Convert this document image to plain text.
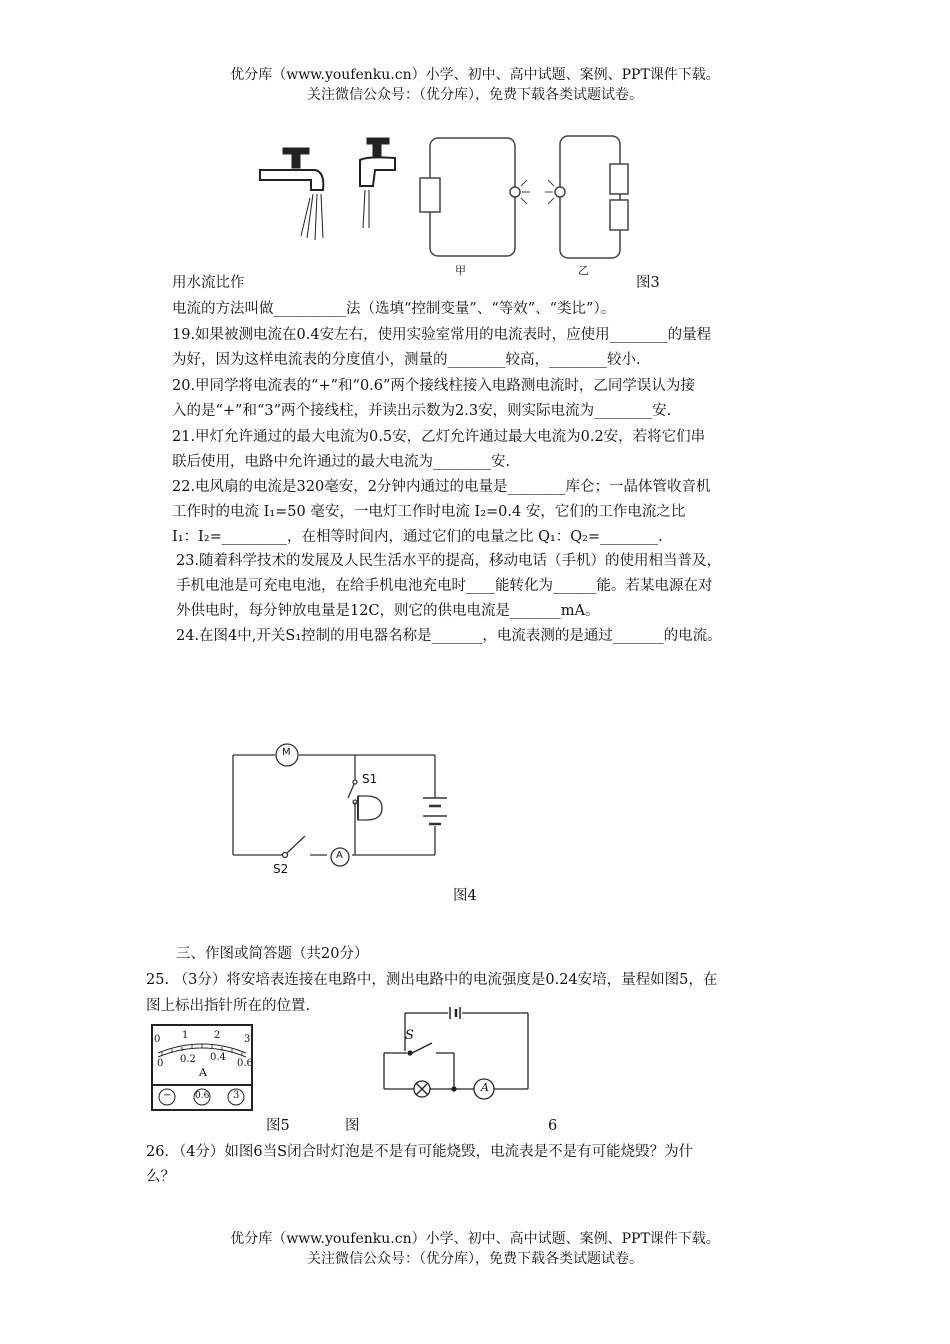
优分库（www.youfenku.cn）小学、初中、高中试题、案例、PPT课件下载。
关注微信公众号：（优分库），免费下载各类试题试卷。
甲	乙
用水流比作	图3
电流的方法叫做__________法（选填“控制变量”、“等效”、“类比”）。
19.如果被测电流在0.4安左右，使用实验室常用的电流表时，应使用________的量程
为好，因为这样电流表的分度值小，测量的________较高，________较小.
20.甲同学将电流表的“+”和“0.6”两个接线柱接入电路测电流时，乙同学误认为接
入的是“+”和“3”两个接线柱，并读出示数为2.3安，则实际电流为________安.
21.甲灯允许通过的最大电流为0.5安，乙灯允许通过最大电流为0.2安，若将它们串
联后使用，电路中允许通过的最大电流为________安.
22.电风扇的电流是320毫安，2分钟内通过的电量是________库仑；一晶体管收音机
工作时的电流 I₁=50 毫安，一电灯工作时电流 I₂=0.4 安，它们的工作电流之比
I₁：I₂=_________，在相等时间内，通过它们的电量之比 Q₁：Q₂=________.
23.随着科学技术的发展及人民生活水平的提高，移动电话（手机）的使用相当普及，
手机电池是可充电电池，在给手机电池充电时____能转化为______能。若某电源在对
外供电时，每分钟放电量是12C，则它的供电电流是_______mA。
24.在图4中,开关S₁控制的用电器名称是_______，电流表测的是通过_______的电流。
M
S1
S2
A
图4
三、作图或简答题（共20分）
25. （3分）将安培表连接在电路中，测出电路中的电流强度是0.24安培，量程如图5，在
图上标出指针所在的位置.
0 1	2 3
0 0.2 0.4
0.6
A
−	0.6 3
图5
S
A
图	6
26．（4分）如图6当S闭合时灯泡是不是有可能烧毁，电流表是不是有可能烧毁？为什
么？
优分库（www.youfenku.cn）小学、初中、高中试题、案例、PPT课件下载。
关注微信公众号：（优分库），免费下载各类试题试卷。
